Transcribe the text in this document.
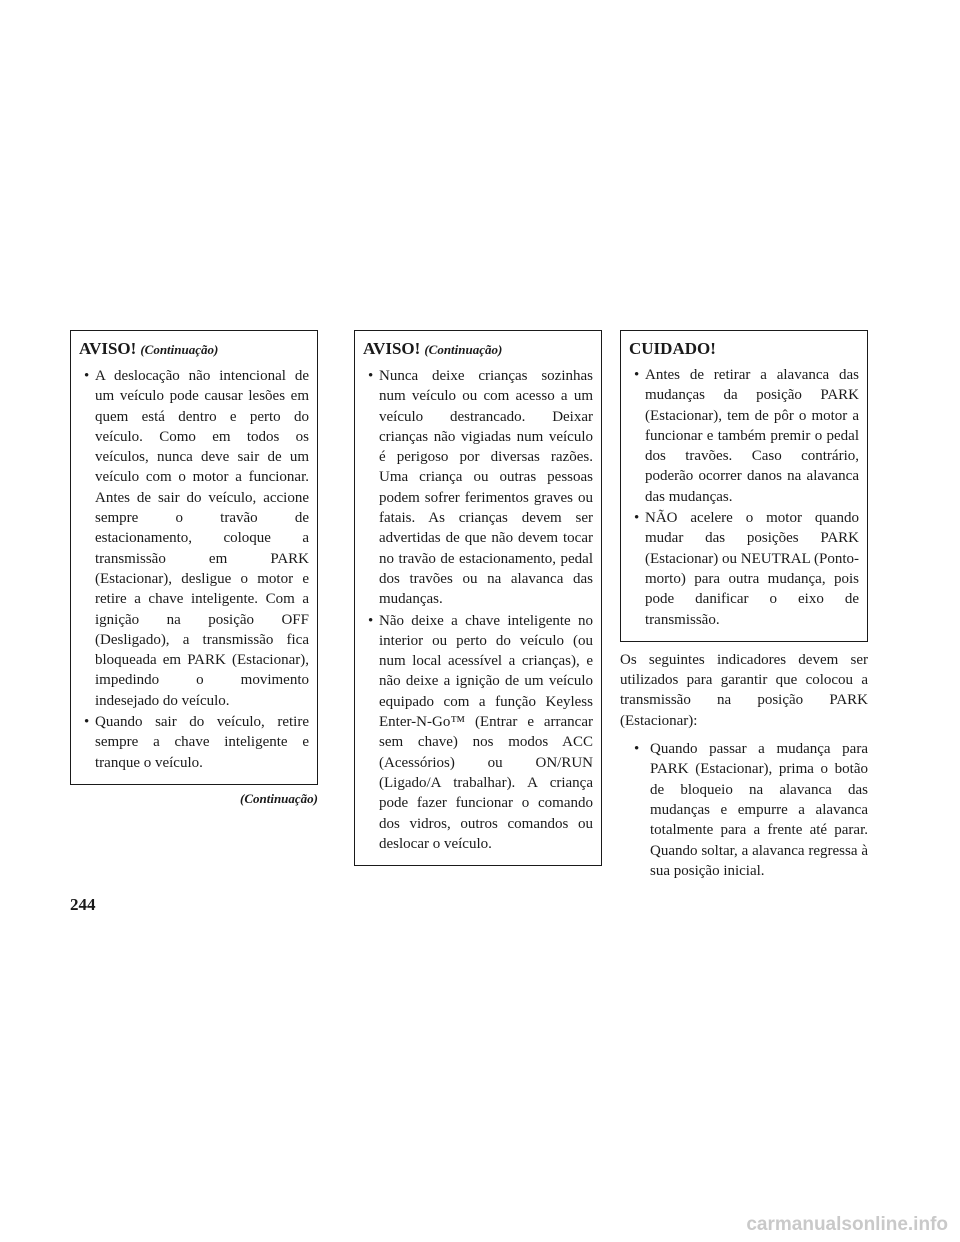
AVISO! (Continuação)
• A deslocação não intencional de um veículo pode causar lesões em quem está dentro e perto do veículo. Como em todos os veículos, nunca deve sair de um veículo com o motor a funcionar. Antes de sair do veículo, accione sempre o travão de estacionamento, coloque a transmissão em PARK (Estacionar), desligue o motor e retire a chave inteligente. Com a ignição na posição OFF (Desligado), a transmissão fica bloqueada em PARK (Estacionar), impedindo o movimento indesejado do veículo.
• Quando sair do veículo, retire sempre a chave inteligente e tranque o veículo.
(Continuação)
AVISO! (Continuação)
• Nunca deixe crianças sozinhas num veículo ou com acesso a um veículo destrancado. Deixar crianças não vigiadas num veículo é perigoso por diversas razões. Uma criança ou outras pessoas podem sofrer ferimentos graves ou fatais. As crianças devem ser advertidas de que não devem tocar no travão de estacionamento, pedal dos travões ou na alavanca das mudanças.
• Não deixe a chave inteligente no interior ou perto do veículo (ou num local acessível a crianças), e não deixe a ignição de um veículo equipado com a função Keyless Enter-N-Go™ (Entrar e arrancar sem chave) nos modos ACC (Acessórios) ou ON/RUN (Ligado/A trabalhar). A criança pode fazer funcionar o comando dos vidros, outros comandos ou deslocar o veículo.
CUIDADO!
• Antes de retirar a alavanca das mudanças da posição PARK (Estacionar), tem de pôr o motor a funcionar e também premir o pedal dos travões. Caso contrário, poderão ocorrer danos na alavanca das mudanças.
• NÃO acelere o motor quando mudar das posições PARK (Estacionar) ou NEUTRAL (Ponto-morto) para outra mudança, pois pode danificar o eixo de transmissão.

Os seguintes indicadores devem ser utilizados para garantir que colocou a transmissão na posição PARK (Estacionar):

• Quando passar a mudança para PARK (Estacionar), prima o botão de bloqueio na alavanca das mudanças e empurre a alavanca totalmente para a frente até parar. Quando soltar, a alavanca regressa à sua posição inicial.
244
carmanualsonline.info
